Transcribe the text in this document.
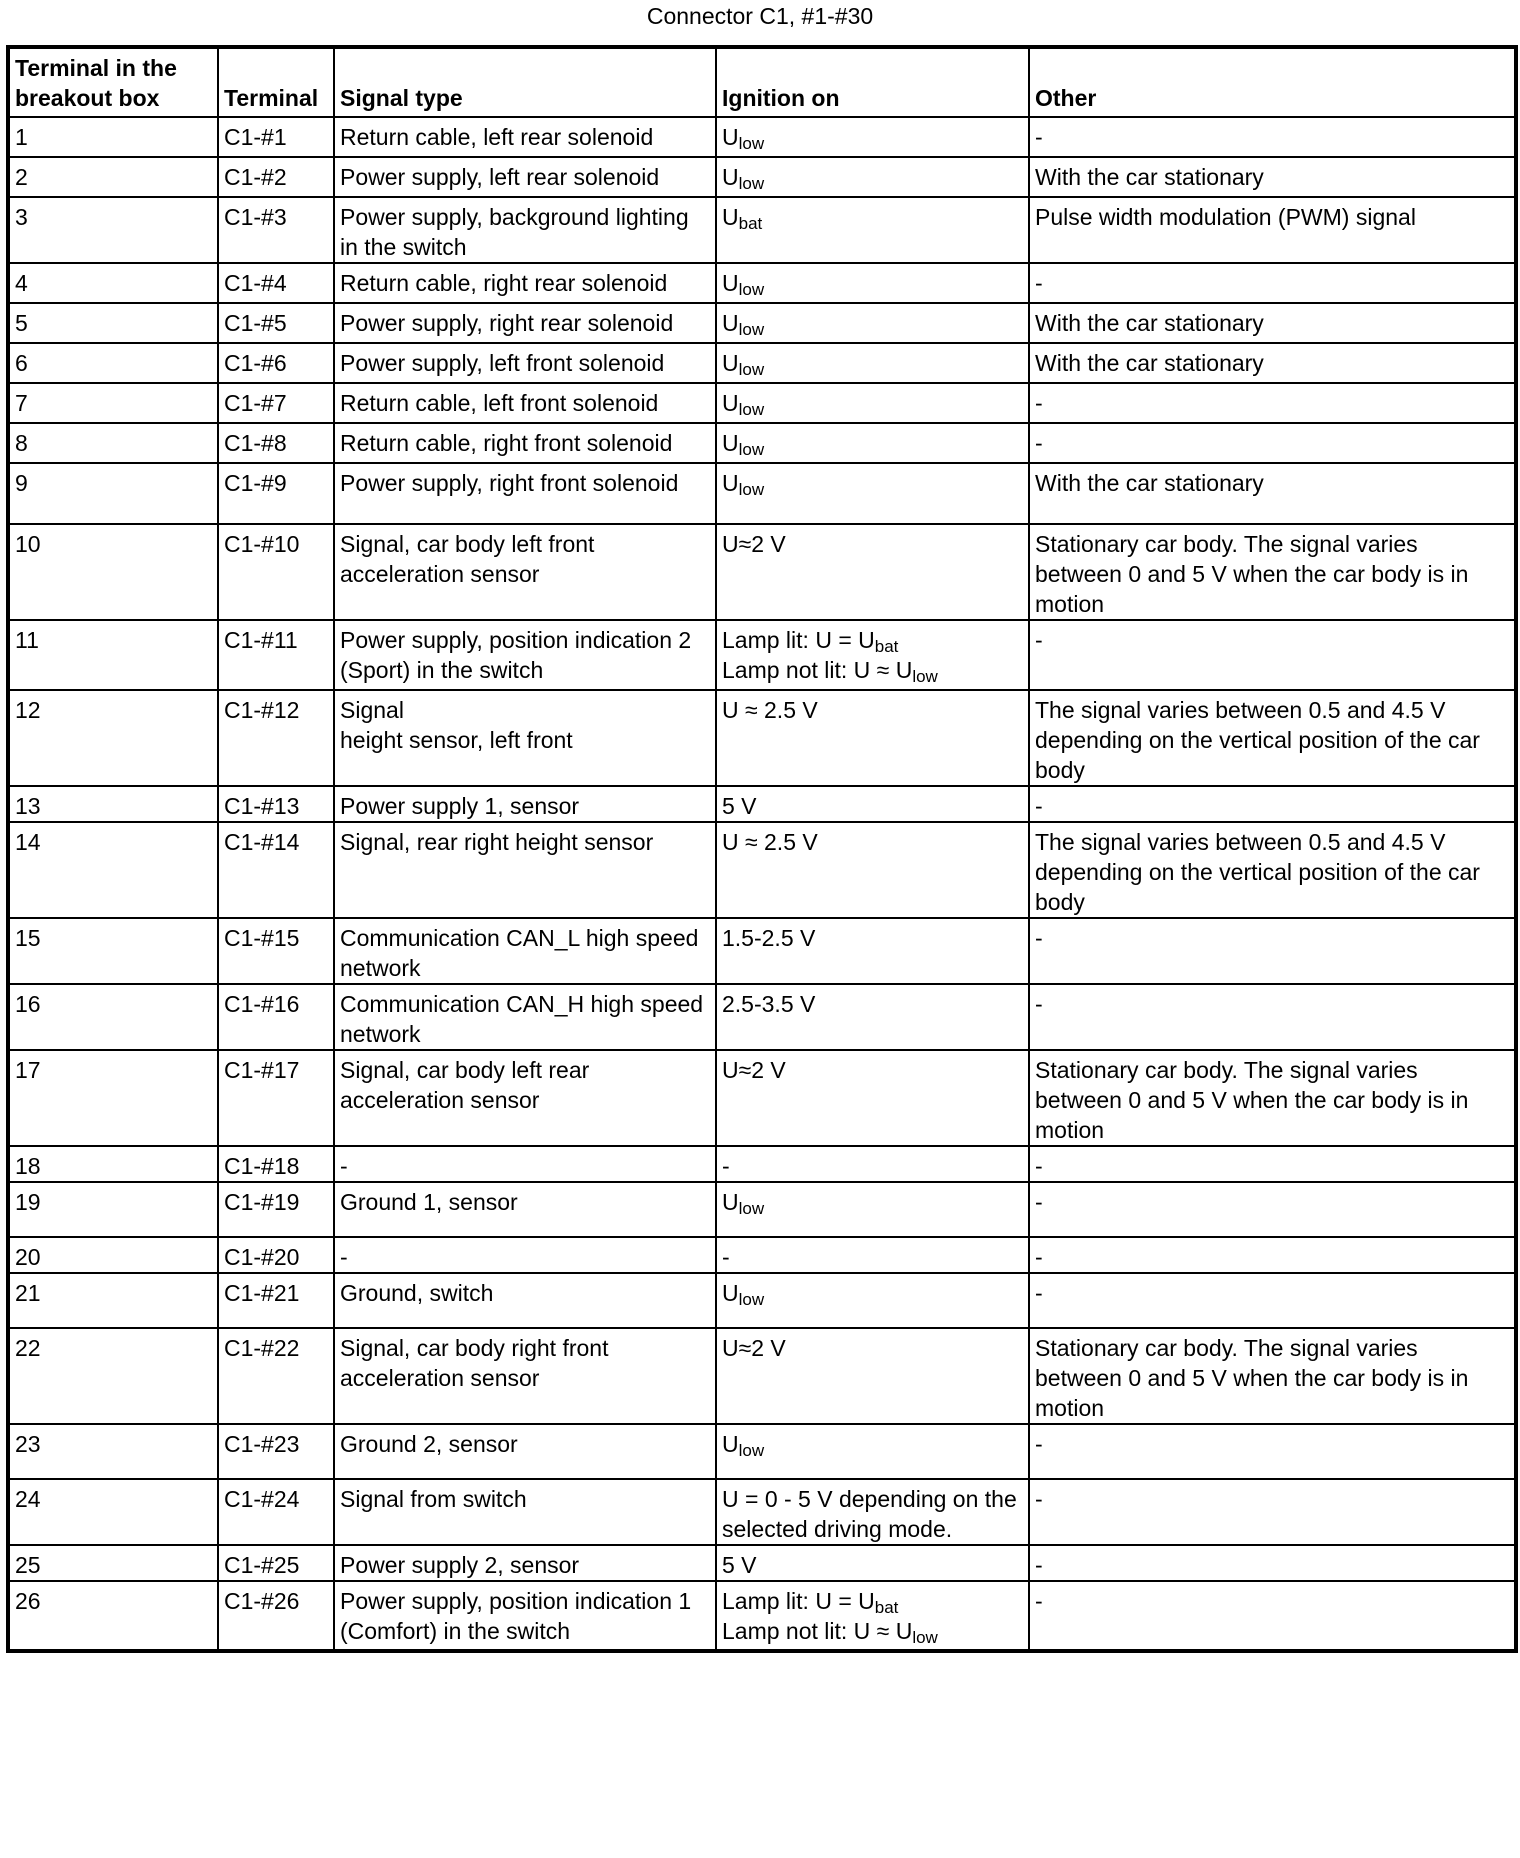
Connector C1, #1-#30
Terminal in the breakout box	Terminal	Signal type	Ignition on	Other
1	C1-#1	Return cable, left rear solenoid	$U_{low}$	-
2	C1-#2	Power supply, left rear solenoid	$U_{low}$	With the car stationary
3	C1-#3	Power supply, background lighting in the switch	$U_{bat}$	Pulse width modulation (PWM) signal
4	C1-#4	Return cable, right rear solenoid	$U_{low}$	-
5	C1-#5	Power supply, right rear solenoid	$U_{low}$	With the car stationary
6	C1-#6	Power supply, left front solenoid	$U_{low}$	With the car stationary
7	C1-#7	Return cable, left front solenoid	$U_{low}$	-
8	C1-#8	Return cable, right front solenoid	$U_{low}$	-
9	C1-#9	Power supply, right front solenoid	$U_{low}$	With the car stationary
10	C1-#10	Signal, car body left front acceleration sensor	U≈2 V	Stationary car body. The signal varies between 0 and 5 V when the car body is in motion
11	C1-#11	Power supply, position indication 2 (Sport) in the switch	Lamp lit: $U = U_{bat}$
Lamp not lit: $U \approx U_{low}$	-
12	C1-#12	Signal
height sensor, left front	U ≈ 2.5 V	The signal varies between 0.5 and 4.5 V depending on the vertical position of the car body
13	C1-#13	Power supply 1, sensor	5 V	-
14	C1-#14	Signal, rear right height sensor	U ≈ 2.5 V	The signal varies between 0.5 and 4.5 V depending on the vertical position of the car body
15	C1-#15	Communication CAN_L high speed network	1.5-2.5 V	-
16	C1-#16	Communication CAN_H high speed network	2.5-3.5 V	-
17	C1-#17	Signal, car body left rear acceleration sensor	U≈2 V	Stationary car body. The signal varies between 0 and 5 V when the car body is in motion
18	C1-#18	-	-	-
19	C1-#19	Ground 1, sensor	$U_{low}$	-
20	C1-#20	-	-	-
21	C1-#21	Ground, switch	$U_{low}$	-
22	C1-#22	Signal, car body right front acceleration sensor	U≈2 V	Stationary car body. The signal varies between 0 and 5 V when the car body is in motion
23	C1-#23	Ground 2, sensor	$U_{low}$	-
24	C1-#24	Signal from switch	U = 0 - 5 V depending on the selected driving mode.	-
25	C1-#25	Power supply 2, sensor	5 V	-
26	C1-#26	Power supply, position indication 1 (Comfort) in the switch	Lamp lit: $U = U_{bat}$
Lamp not lit: $U \approx U_{low}$	-
